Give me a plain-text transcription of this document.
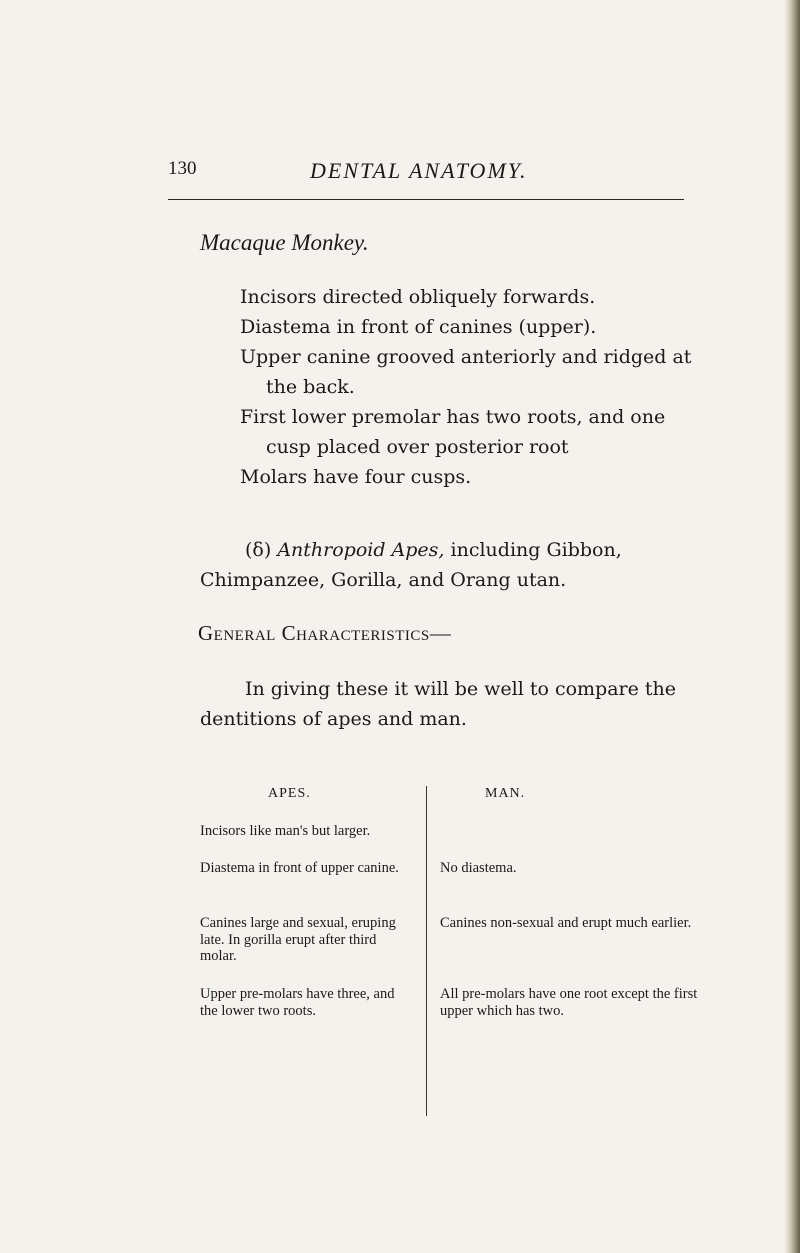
130	DENTAL ANATOMY.
Macaque Monkey.

Incisors directed obliquely forwards.

Diastema in front of canines (upper).

Upper canine grooved anteriorly and ridged at the back.

First lower premolar has two roots, and one cusp placed over posterior root

Molars have four cusps.

(δ) Anthropoid Apes, including Gibbon, Chimpanzee, Gorilla, and Orang utan.

General Characteristics—

In giving these it will be well to compare the dentitions of apes and man.

APES.	MAN.

Incisors like man's but larger.

Diastema in front of upper canine.

Canines large and sexual, eruping late. In gorilla erupt after third molar.

Upper pre-molars have three, and the lower two roots.

No diastema.

Canines non-sexual and erupt much earlier.

All pre-molars have one root except the first upper which has two.
